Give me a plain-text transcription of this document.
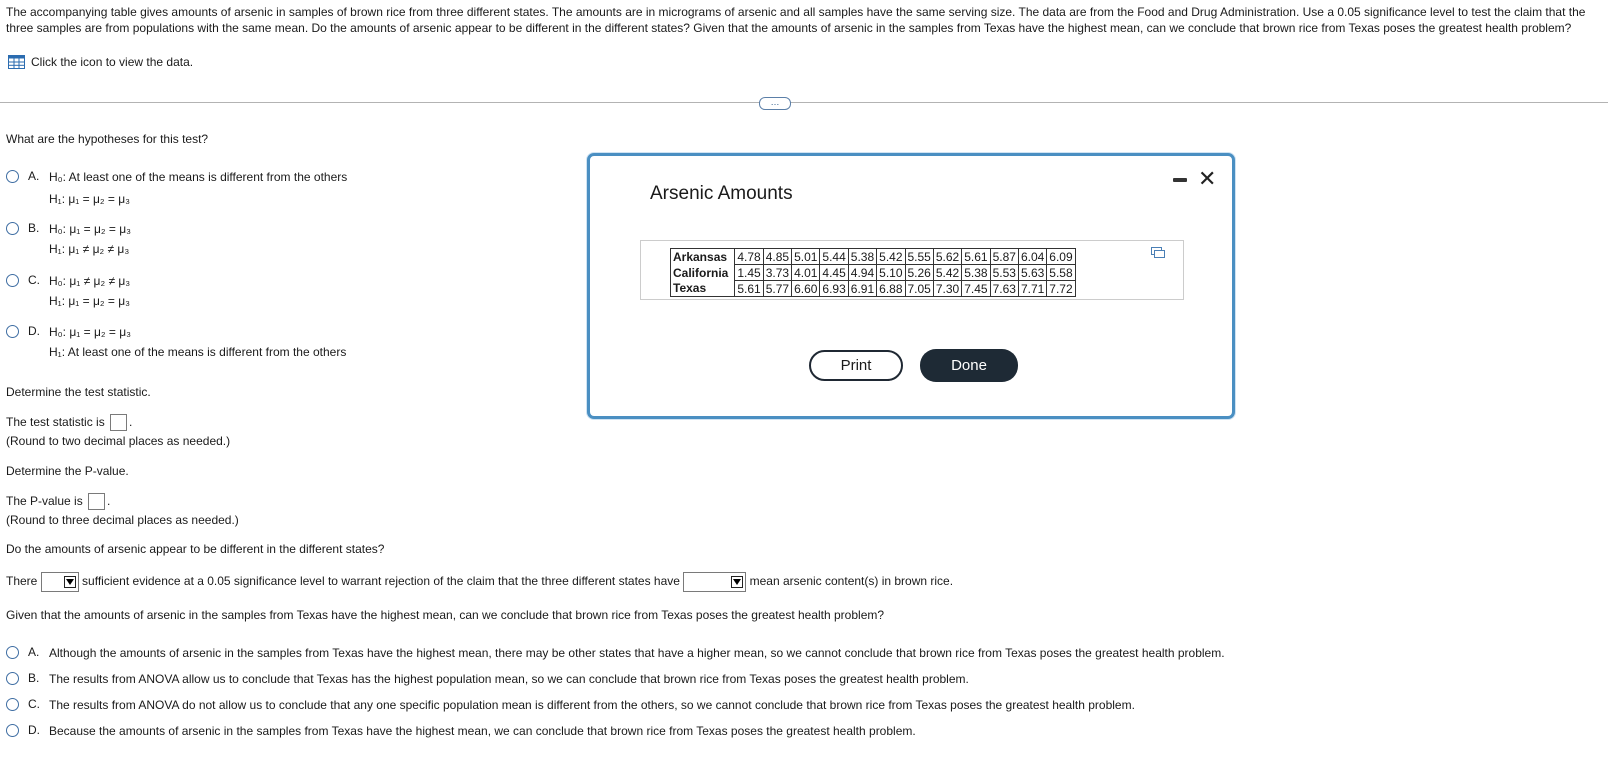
The accompanying table gives amounts of arsenic in samples of brown rice from three different states. The amounts are in micrograms of arsenic and all samples have the same serving size. The data are from the Food and Drug Administration. Use a 0.05 significance level to test the claim that the three samples are from populations with the same mean. Do the amounts of arsenic appear to be different in the different states? Given that the amounts of arsenic in the samples from Texas have the highest mean, can we conclude that brown rice from Texas poses the greatest health problem?
Click the icon to view the data.
…
What are the hypotheses for this test?
A. H₀: At least one of the means is different from the others
H₁: μ₁ = μ₂ = μ₃
B. H₀: μ₁ = μ₂ = μ₃
H₁: μ₁ ≠ μ₂ ≠ μ₃
C. H₀: μ₁ ≠ μ₂ ≠ μ₃
H₁: μ₁ = μ₂ = μ₃
D. H₀: μ₁ = μ₂ = μ₃
H₁: At least one of the means is different from the others
Determine the test statistic.
The test statistic is .
(Round to two decimal places as needed.)
Determine the P-value.
The P-value is .
(Round to three decimal places as needed.)
Do the amounts of arsenic appear to be different in the different states?
There	sufficient evidence at a 0.05 significance level to warrant rejection of the claim that the three different states have	mean arsenic content(s) in brown rice.
Given that the amounts of arsenic in the samples from Texas have the highest mean, can we conclude that brown rice from Texas poses the greatest health problem?
A. Although the amounts of arsenic in the samples from Texas have the highest mean, there may be other states that have a higher mean, so we cannot conclude that brown rice from Texas poses the greatest health problem.
B. The results from ANOVA allow us to conclude that Texas has the highest population mean, so we can conclude that brown rice from Texas poses the greatest health problem.
C. The results from ANOVA do not allow us to conclude that any one specific population mean is different from the others, so we cannot conclude that brown rice from Texas poses the greatest health problem.
D. Because the amounts of arsenic in the samples from Texas have the highest mean, we can conclude that brown rice from Texas poses the greatest health problem.
Arsenic Amounts
✕
Arkansas	4.78	4.85	5.01	5.44	5.38	5.42	5.55	5.62	5.61	5.87	6.04	6.09
California	1.45	3.73	4.01	4.45	4.94	5.10	5.26	5.42	5.38	5.53	5.63	5.58
Texas	5.61	5.77	6.60	6.93	6.91	6.88	7.05	7.30	7.45	7.63	7.71	7.72
Print	Done
